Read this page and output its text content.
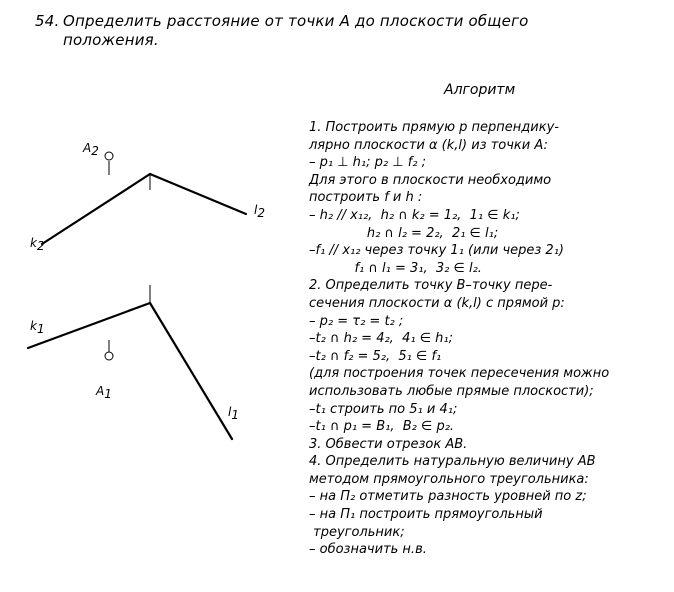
54. Определить расстояние от точки A до плоскости общего
положения.
A2
k2
l2
k1
A1
l1
Алгоритм
1. Построить прямую p перпендику-
лярно плоскости α (k,l) из точки A:
– p₁ ⊥ h₁; p₂ ⊥ f₂ ;
Для этого в плоскости необходимо
построить f и h :
– h₂ // x₁₂,  h₂ ∩ k₂ = 1₂,  1₁ ∈ k₁;
h₂ ∩ l₂ = 2₂,  2₁ ∈ l₁;
–f₁ // x₁₂ через точку 1₁ (или через 2₁)
f₁ ∩ l₁ = 3₁,  3₂ ∈ l₂.
2. Определить точку B–точку пере-
сечения плоскости α (k,l) с прямой p:
– p₂ = τ₂ = t₂ ;
–t₂ ∩ h₂ = 4₂,  4₁ ∈ h₁;
–t₂ ∩ f₂ = 5₂,  5₁ ∈ f₁
(для построения точек пересечения можно
использовать любые прямые плоскости);
–t₁ строить по 5₁ и 4₁;
–t₁ ∩ p₁ = B₁,  B₂ ∈ p₂.
3. Обвести отрезок AB.
4. Определить натуральную величину AB
методом прямоугольного треугольника:
– на П₂ отметить разность уровней по z;
– на П₁ построить прямоугольный
треугольник;
– обозначить н.в.
